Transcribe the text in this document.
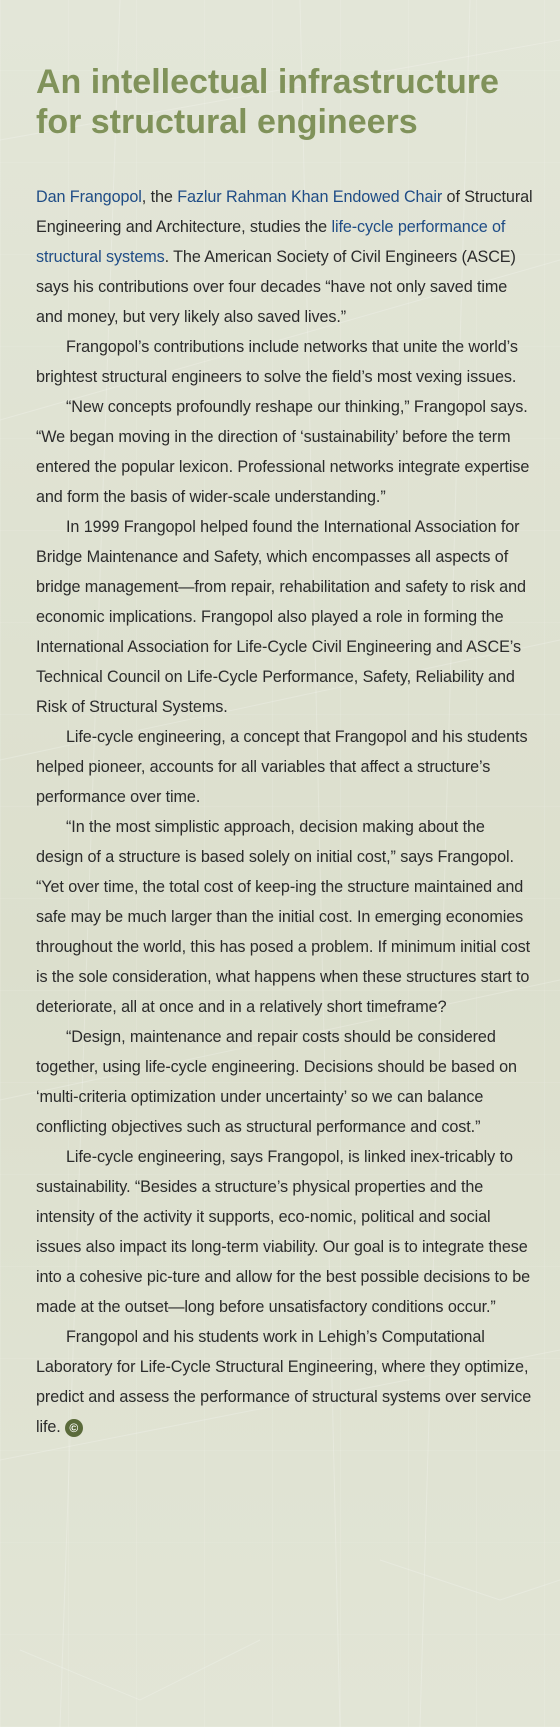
An intellectual infrastructure for structural engineers

Dan Frangopol, the Fazlur Rahman Khan Endowed Chair of Structural Engineering and Architecture, studies the life-cycle performance of structural systems. The American Society of Civil Engineers (ASCE) says his contributions over four decades “have not only saved time and money, but very likely also saved lives.”

Frangopol’s contributions include networks that unite the world’s brightest structural engineers to solve the field’s most vexing issues.

“New concepts profoundly reshape our thinking,” Frangopol says. “We began moving in the direction of ‘sustainability’ before the term entered the popular lexicon. Professional networks integrate expertise and form the basis of wider-scale understanding.”

In 1999 Frangopol helped found the International Association for Bridge Maintenance and Safety, which encompasses all aspects of bridge management—from repair, rehabilitation and safety to risk and economic implications. Frangopol also played a role in forming the International Association for Life-Cycle Civil Engineering and ASCE’s Technical Council on Life-Cycle Performance, Safety, Reliability and Risk of Structural Systems.

Life-cycle engineering, a concept that Frangopol and his students helped pioneer, accounts for all variables that affect a structure’s performance over time.

“In the most simplistic approach, decision making about the design of a structure is based solely on initial cost,” says Frangopol. “Yet over time, the total cost of keep-ing the structure maintained and safe may be much larger than the initial cost. In emerging economies throughout the world, this has posed a problem. If minimum initial cost is the sole consideration, what happens when these structures start to deteriorate, all at once and in a relatively short timeframe?

“Design, maintenance and repair costs should be considered together, using life-cycle engineering. Decisions should be based on ‘multi-criteria optimization under uncertainty’ so we can balance conflicting objectives such as structural performance and cost.”

Life-cycle engineering, says Frangopol, is linked inex-tricably to sustainability. “Besides a structure’s physical properties and the intensity of the activity it supports, eco-nomic, political and social issues also impact its long-term viability. Our goal is to integrate these into a cohesive pic-ture and allow for the best possible decisions to be made at the outset—long before unsatisfactory conditions occur.”

Frangopol and his students work in Lehigh’s Computational Laboratory for Life-Cycle Structural Engineering, where they optimize, predict and assess the performance of structural systems over service life. ©
